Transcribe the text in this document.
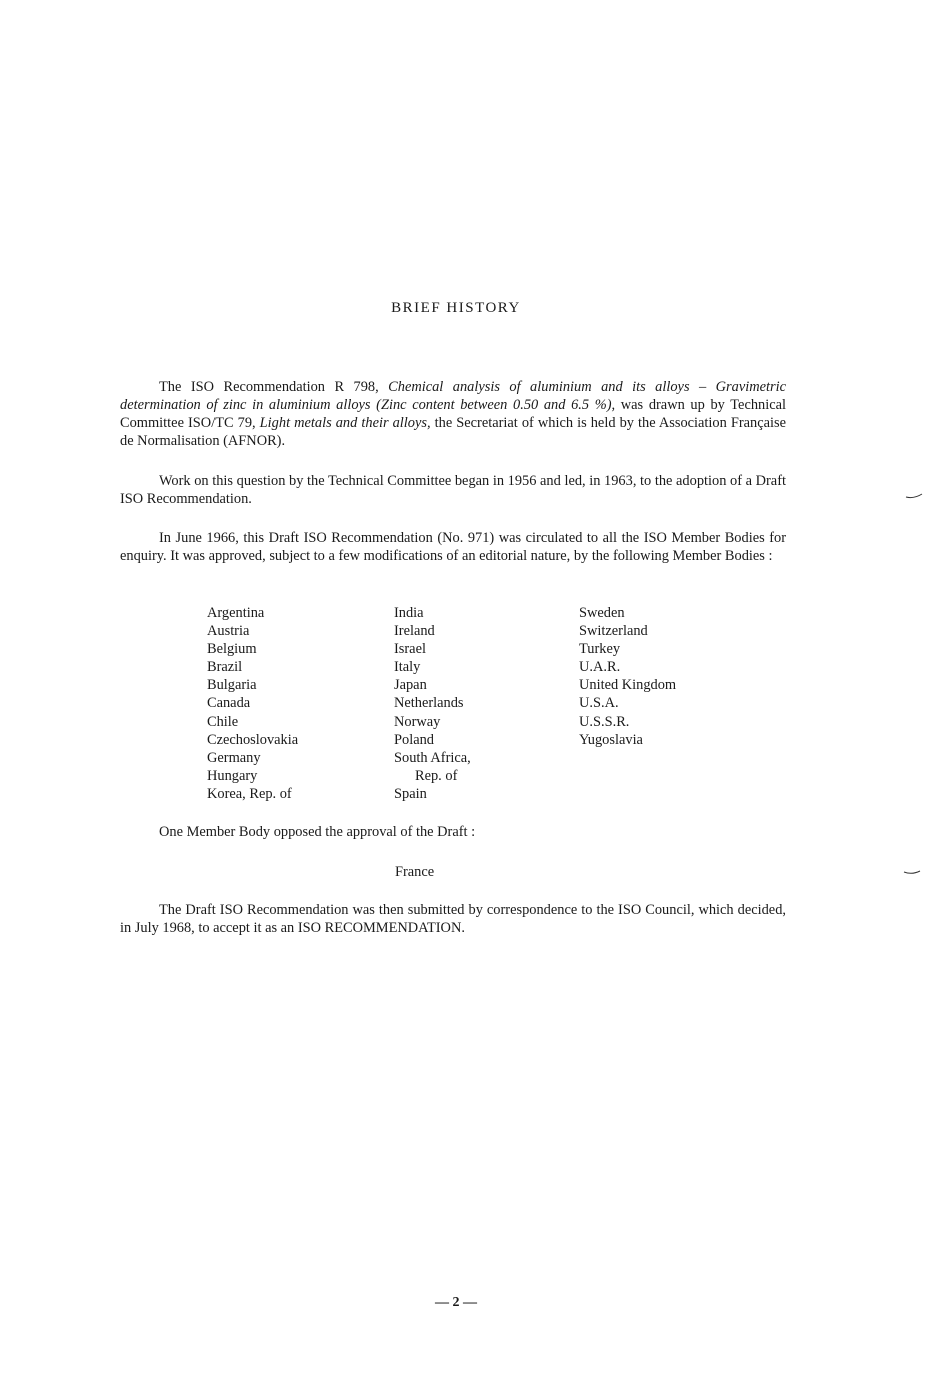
BRIEF HISTORY
The ISO Recommendation R 798, Chemical analysis of aluminium and its alloys – Gravimetric determination of zinc in aluminium alloys (Zinc content between 0.50 and 6.5 %), was drawn up by Technical Committee ISO/TC 79, Light metals and their alloys, the Secretariat of which is held by the Association Française de Normalisation (AFNOR).
Work on this question by the Technical Committee began in 1956 and led, in 1963, to the adoption of a Draft ISO Recommendation.
In June 1966, this Draft ISO Recommendation (No. 971) was circulated to all the ISO Member Bodies for enquiry. It was approved, subject to a few modifications of an editorial nature, by the following Member Bodies :
Argentina
Austria
Belgium
Brazil
Bulgaria
Canada
Chile
Czechoslovakia
Germany
Hungary
Korea, Rep. of
India
Ireland
Israel
Italy
Japan
Netherlands
Norway
Poland
South Africa,
Rep. of
Spain
Sweden
Switzerland
Turkey
U.A.R.
United Kingdom
U.S.A.
U.S.S.R.
Yugoslavia
One Member Body opposed the approval of the Draft :
France
The Draft ISO Recommendation was then submitted by correspondence to the ISO Council, which decided, in July 1968, to accept it as an ISO RECOMMENDATION.
— 2 —
